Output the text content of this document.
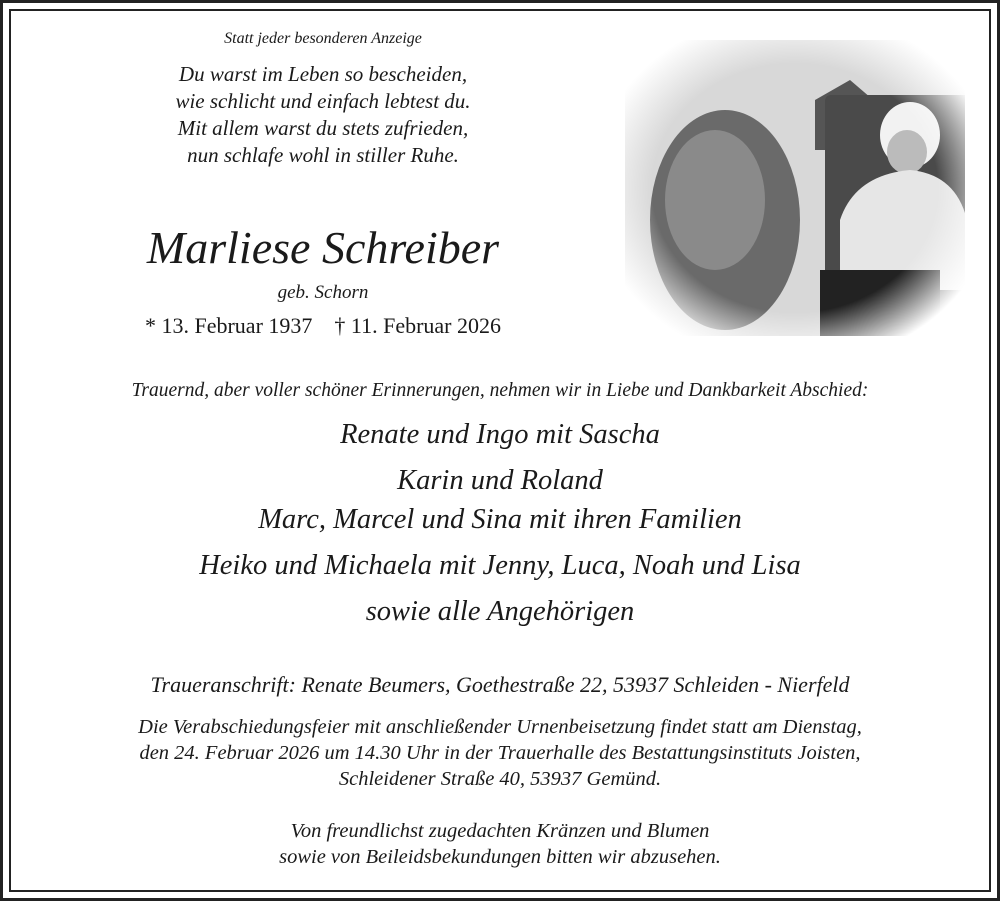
Statt jeder besonderen Anzeige
Du warst im Leben so bescheiden,
wie schlicht und einfach lebtest du.
Mit allem warst du stets zufrieden,
nun schlafe wohl in stiller Ruhe.
Marliese Schreiber
geb. Schorn
* 13. Februar 1937    † 11. Februar 2026
Trauernd, aber voller schöner Erinnerungen, nehmen wir in Liebe und Dankbarkeit Abschied:
Renate und Ingo mit Sascha
Karin und Roland
Marc, Marcel und Sina mit ihren Familien
Heiko und Michaela mit Jenny, Luca, Noah und Lisa
sowie alle Angehörigen
Traueranschrift: Renate Beumers, Goethestraße 22, 53937 Schleiden - Nierfeld
Die Verabschiedungsfeier mit anschließender Urnenbeisetzung findet statt am Dienstag,
den 24. Februar 2026 um 14.30 Uhr in der Trauerhalle des Bestattungsinstituts Joisten,
Schleidener Straße 40, 53937 Gemünd.
Von freundlichst zugedachten Kränzen und Blumen
sowie von Beileidsbekundungen bitten wir abzusehen.
